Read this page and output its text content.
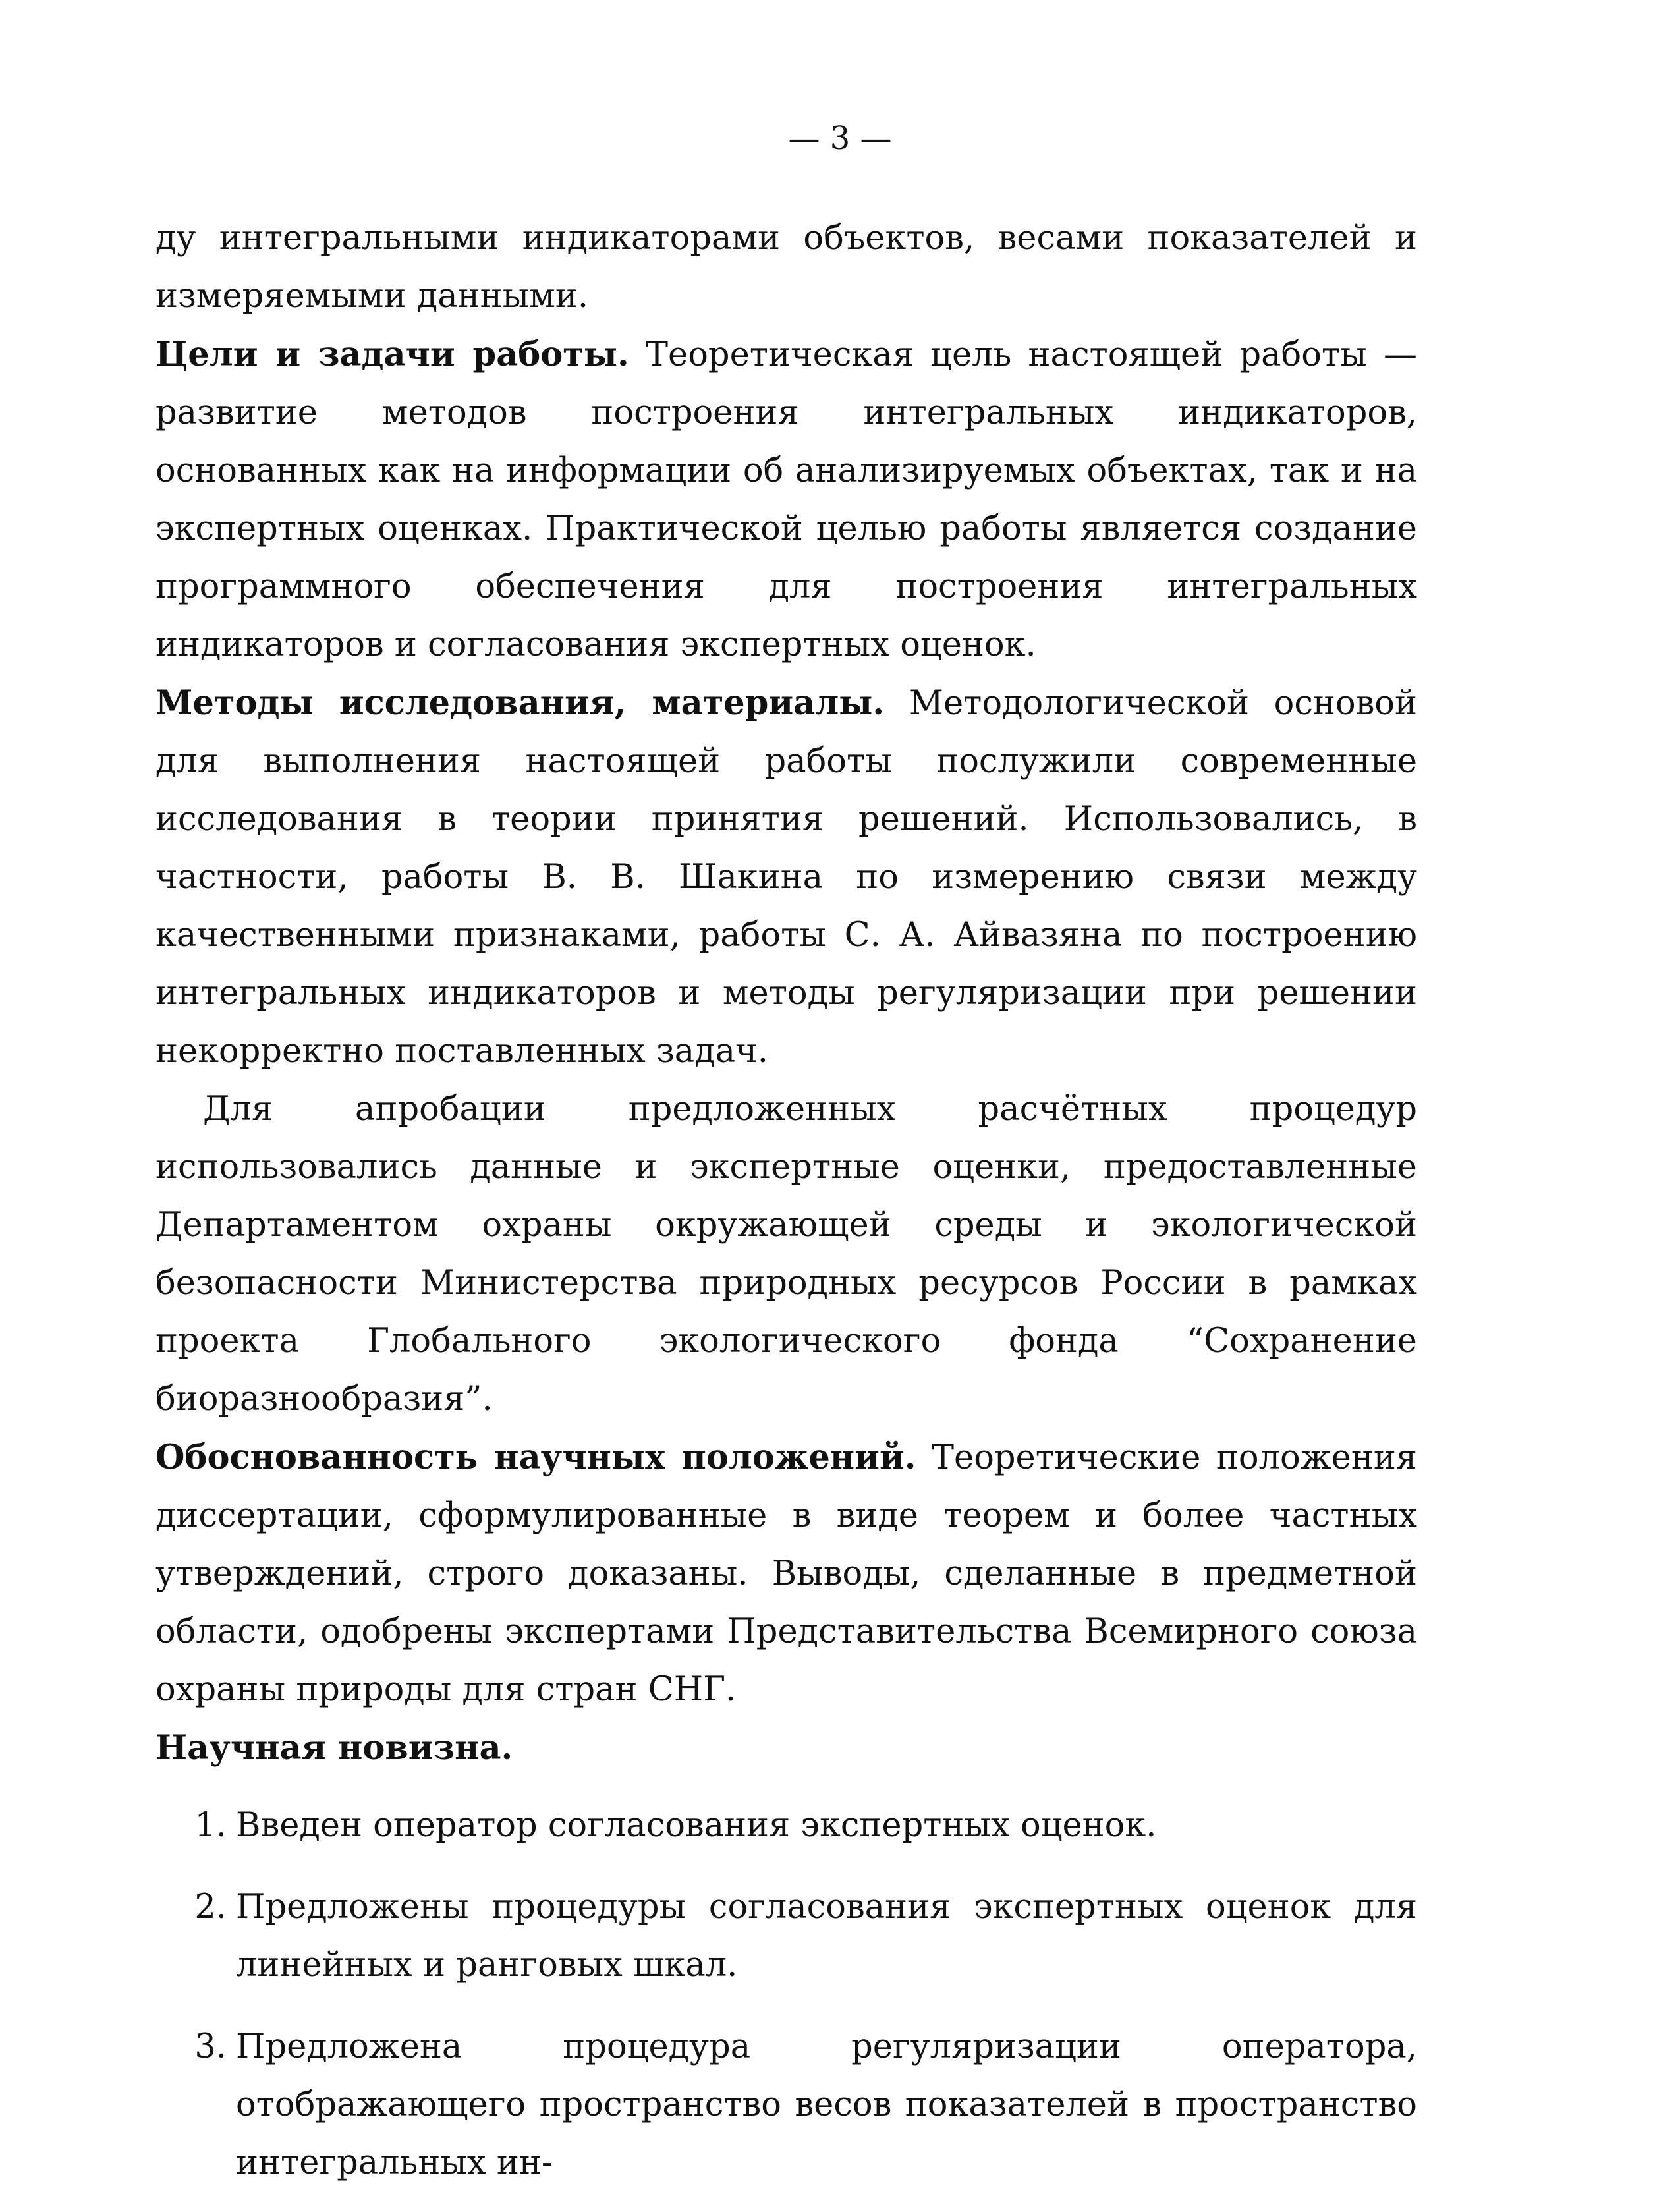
— 3 —

ду интегральными индикаторами объектов, весами показателей и измеряемыми данными.

Цели и задачи работы. Теоретическая цель настоящей работы — развитие методов построения интегральных индикаторов, основанных как на информации об анализируемых объектах, так и на экспертных оценках. Практической целью работы является создание программного обеспечения для построения интегральных индикаторов и согласования экспертных оценок.

Методы исследования, материалы. Методологической основой для выполнения настоящей работы послужили современные исследования в теории принятия решений. Использовались, в частности, работы В. В. Шакина по измерению связи между качественными признаками, работы С. А. Айвазяна по построению интегральных индикаторов и методы регуляризации при решении некорректно поставленных задач.

Для апробации предложенных расчётных процедур использовались данные и экспертные оценки, предоставленные Департаментом охраны окружающей среды и экологической безопасности Министерства природных ресурсов России в рамках проекта Глобального экологического фонда “Сохранение биоразнообразия”.

Обоснованность научных положений. Теоретические положения диссертации, сформулированные в виде теорем и более частных утверждений, строго доказаны. Выводы, сделанные в предметной области, одобрены экспертами Представительства Всемирного союза охраны природы для стран СНГ.

Научная новизна.

1. Введен оператор согласования экспертных оценок.
2. Предложены процедуры согласования экспертных оценок для линейных и ранговых шкал.
3. Предложена процедура регуляризации оператора, отображающего пространство весов показателей в пространство интегральных ин-
